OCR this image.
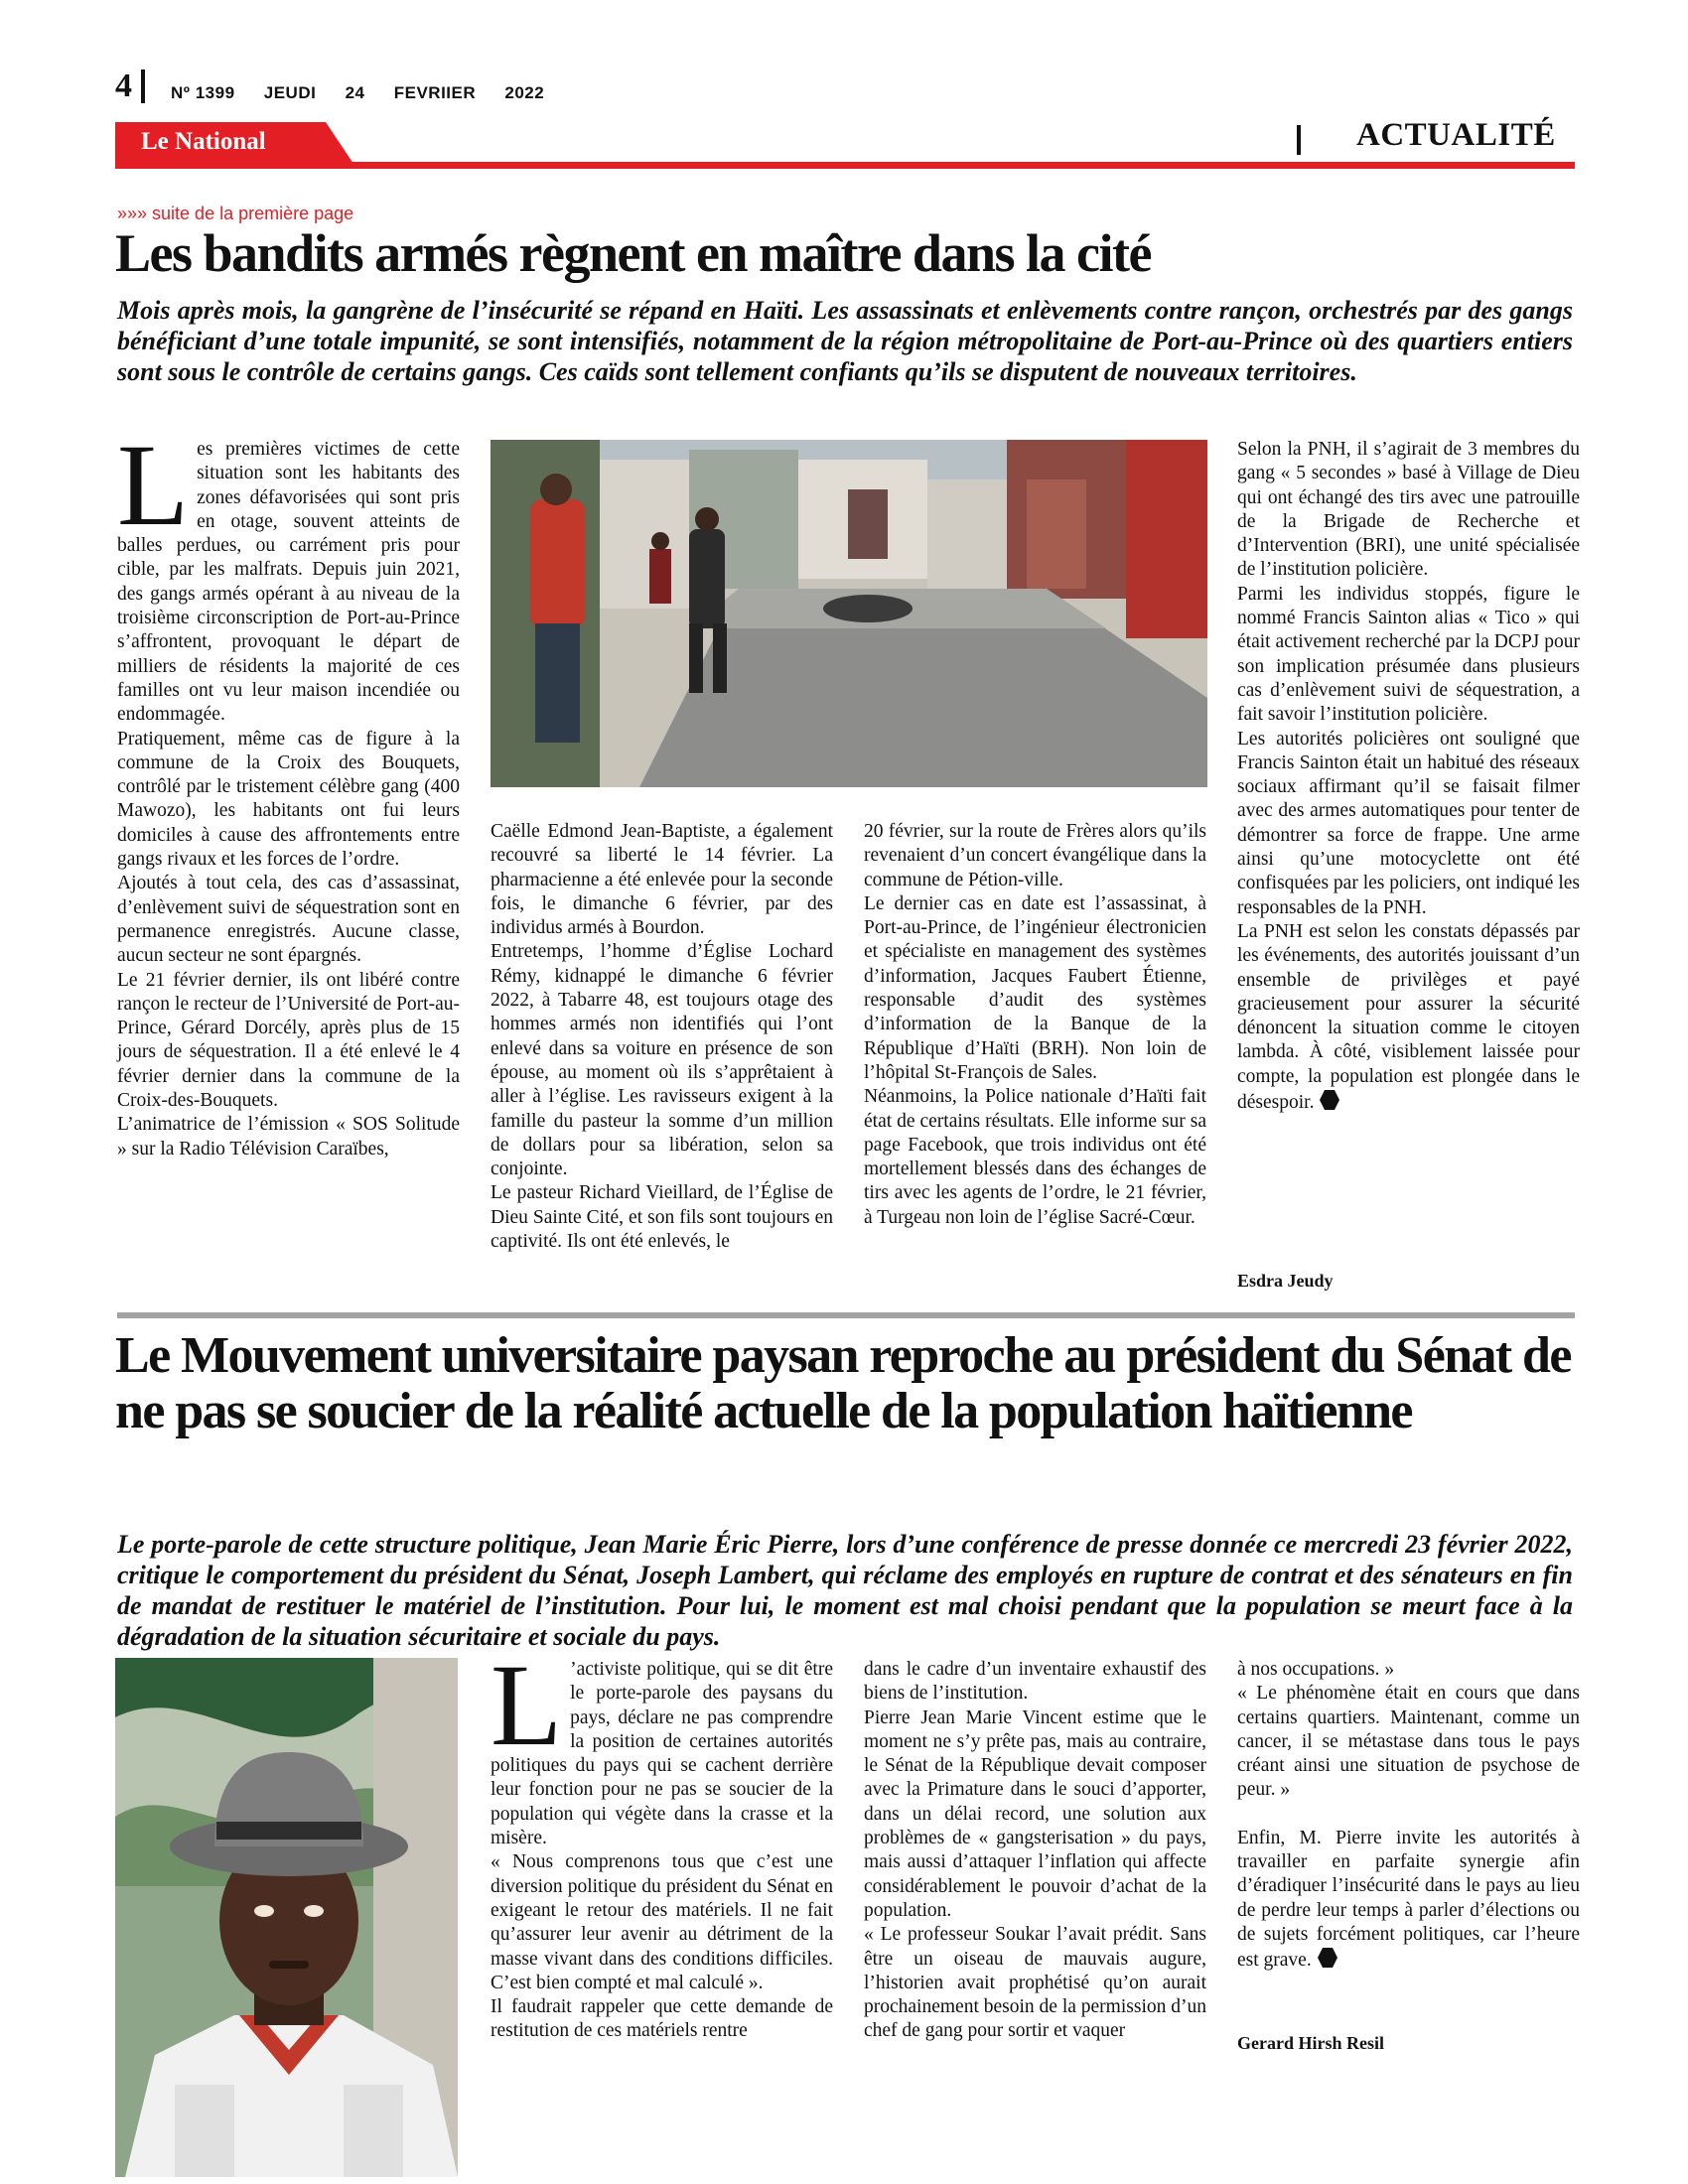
4 Nº 1399 JEUDI 24 FEVRIIER 2022
Le National	ACTUALITÉ
»»» suite de la première page
Les bandits armés règnent en maître dans la cité
Mois après mois, la gangrène de l’insécurité se répand en Haïti. Les assassinats et enlèvements contre rançon, orchestrés par des gangs bénéficiant d’une totale impunité, se sont intensifiés, notamment de la région métropolitaine de Port-au-Prince où des quartiers entiers sont sous le contrôle de certains gangs. Ces caïds sont tellement confiants qu’ils se disputent de nouveaux territoires.

Les premières victimes de cette situation sont les habitants des zones défavorisées qui sont pris en otage, souvent atteints de balles perdues, ou carrément pris pour cible, par les malfrats. Depuis juin 2021, des gangs armés opérant à au niveau de la troisième circonscription de Port-au-Prince s’affrontent, provoquant le départ de milliers de résidents la majorité de ces familles ont vu leur maison incendiée ou endommagée.

Pratiquement, même cas de figure à la commune de la Croix des Bouquets, contrôlé par le tristement célèbre gang (400 Mawozo), les habitants ont fui leurs domiciles à cause des affrontements entre gangs rivaux et les forces de l’ordre.

Ajoutés à tout cela, des cas d’assassinat, d’enlèvement suivi de séquestration sont en permanence enregistrés. Aucune classe, aucun secteur ne sont épargnés.

Le 21 février dernier, ils ont libéré contre rançon le recteur de l’Université de Port-au-Prince, Gérard Dorcély, après plus de 15 jours de séquestration. Il a été enlevé le 4 février dernier dans la commune de la Croix-des-Bouquets.

L’animatrice de l’émission « SOS Solitude » sur la Radio Télévision Caraïbes,

Caëlle Edmond Jean-Baptiste, a également recouvré sa liberté le 14 février. La pharmacienne a été enlevée pour la seconde fois, le dimanche 6 février, par des individus armés à Bourdon.

Entretemps, l’homme d’Église Lochard Rémy, kidnappé le dimanche 6 février 2022, à Tabarre 48, est toujours otage des hommes armés non identifiés qui l’ont enlevé dans sa voiture en présence de son épouse, au moment où ils s’apprêtaient à aller à l’église. Les ravisseurs exigent à la famille du pasteur la somme d’un million de dollars pour sa libération, selon sa conjointe.

Le pasteur Richard Vieillard, de l’Église de Dieu Sainte Cité, et son fils sont toujours en captivité. Ils ont été enlevés, le

20 février, sur la route de Frères alors qu’ils revenaient d’un concert évangélique dans la commune de Pétion-ville.

Le dernier cas en date est l’assassinat, à Port-au-Prince, de l’ingénieur électronicien et spécialiste en management des systèmes d’information, Jacques Faubert Étienne, responsable d’audit des systèmes d’information de la Banque de la République d’Haïti (BRH). Non loin de l’hôpital St-François de Sales.

Néanmoins, la Police nationale d’Haïti fait état de certains résultats. Elle informe sur sa page Facebook, que trois individus ont été mortellement blessés dans des échanges de tirs avec les agents de l’ordre, le 21 février, à Turgeau non loin de l’église Sacré-Cœur.

Selon la PNH, il s’agirait de 3 membres du gang « 5 secondes » basé à Village de Dieu qui ont échangé des tirs avec une patrouille de la Brigade de Recherche et d’Intervention (BRI), une unité spécialisée de l’institution policière.

Parmi les individus stoppés, figure le nommé Francis Sainton alias « Tico » qui était activement recherché par la DCPJ pour son implication présumée dans plusieurs cas d’enlèvement suivi de séquestration, a fait savoir l’institution policière.

Les autorités policières ont souligné que Francis Sainton était un habitué des réseaux sociaux affirmant qu’il se faisait filmer avec des armes automatiques pour tenter de démontrer sa force de frappe. Une arme ainsi qu’une motocyclette ont été confisquées par les policiers, ont indiqué les responsables de la PNH.

La PNH est selon les constats dépassés par les événements, des autorités jouissant d’un ensemble de privilèges et payé gracieusement pour assurer la sécurité dénoncent la situation comme le citoyen lambda. À côté, visiblement laissée pour compte, la population est plongée dans le désespoir.

Esdra Jeudy
Le Mouvement universitaire paysan reproche au président du Sénat de ne pas se soucier de la réalité actuelle de la population haïtienne
Le porte-parole de cette structure politique, Jean Marie Éric Pierre, lors d’une conférence de presse donnée ce mercredi 23 février 2022, critique le comportement du président du Sénat, Joseph Lambert, qui réclame des employés en rupture de contrat et des sénateurs en fin de mandat de restituer le matériel de l’institution. Pour lui, le moment est mal choisi pendant que la population se meurt face à la dégradation de la situation sécuritaire et sociale du pays.

L ’activiste politique, qui se dit être le porte-parole des paysans du pays, déclare ne pas comprendre la position de certaines autorités politiques du pays qui se cachent derrière leur fonction pour ne pas se soucier de la population qui végète dans la crasse et la misère.

« Nous comprenons tous que c’est une diversion politique du président du Sénat en exigeant le retour des matériels. Il ne fait qu’assurer leur avenir au détriment de la masse vivant dans des conditions difficiles. C’est bien compté et mal calculé ».

Il faudrait rappeler que cette demande de restitution de ces matériels rentre

dans le cadre d’un inventaire exhaustif des biens de l’institution.

Pierre Jean Marie Vincent estime que le moment ne s’y prête pas, mais au contraire, le Sénat de la République devait composer avec la Primature dans le souci d’apporter, dans un délai record, une solution aux problèmes de « gangsterisation » du pays, mais aussi d’attaquer l’inflation qui affecte considérablement le pouvoir d’achat de la population.

« Le professeur Soukar l’avait prédit. Sans être un oiseau de mauvais augure, l’historien avait prophétisé qu’on aurait prochainement besoin de la permission d’un chef de gang pour sortir et vaquer

à nos occupations. »

« Le phénomène était en cours que dans certains quartiers. Maintenant, comme un cancer, il se métastase dans tous le pays créant ainsi une situation de psychose de peur. »

Enfin, M. Pierre invite les autorités à travailler en parfaite synergie afin d’éradiquer l’insécurité dans le pays au lieu de perdre leur temps à parler d’élections ou de sujets forcément politiques, car l’heure est grave.

Gerard Hirsh Resil
